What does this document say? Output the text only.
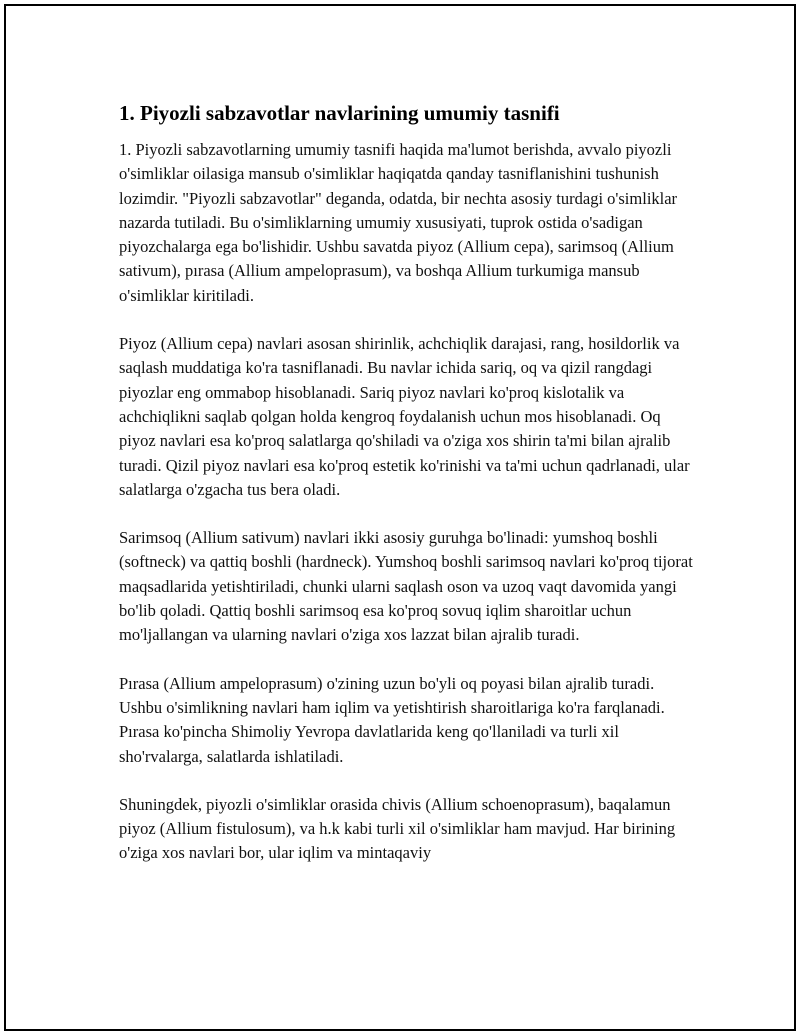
1. Piyozli sabzavotlar navlarining umumiy tasnifi

1. Piyozli sabzavotlarning umumiy tasnifi haqida ma'lumot berishda, avvalo piyozli o'simliklar oilasiga mansub o'simliklar haqiqatda qanday tasniflanishini tushunish lozimdir. "Piyozli sabzavotlar" deganda, odatda, bir nechta asosiy turdagi o'simliklar nazarda tutiladi. Bu o'simliklarning umumiy xususiyati, tuprok ostida o'sadigan piyozchalarga ega bo'lishidir. Ushbu savatda piyoz (Allium cepa), sarimsoq (Allium sativum), pırasa (Allium ampeloprasum), va boshqa Allium turkumiga mansub o'simliklar kiritiladi.

Piyoz (Allium cepa) navlari asosan shirinlik, achchiqlik darajasi, rang, hosildorlik va saqlash muddatiga ko'ra tasniflanadi. Bu navlar ichida sariq, oq va qizil rangdagi piyozlar eng ommabop hisoblanadi. Sariq piyoz navlari ko'proq kislotalik va achchiqlikni saqlab qolgan holda kengroq foydalanish uchun mos hisoblanadi. Oq piyoz navlari esa ko'proq salatlarga qo'shiladi va o'ziga xos shirin ta'mi bilan ajralib turadi. Qizil piyoz navlari esa ko'proq estetik ko'rinishi va ta'mi uchun qadrlanadi, ular salatlarga o'zgacha tus bera oladi.

Sarimsoq (Allium sativum) navlari ikki asosiy guruhga bo'linadi: yumshoq boshli (softneck) va qattiq boshli (hardneck). Yumshoq boshli sarimsoq navlari ko'proq tijorat maqsadlarida yetishtiriladi, chunki ularni saqlash oson va uzoq vaqt davomida yangi bo'lib qoladi. Qattiq boshli sarimsoq esa ko'proq sovuq iqlim sharoitlar uchun mo'ljallangan va ularning navlari o'ziga xos lazzat bilan ajralib turadi.

Pırasa (Allium ampeloprasum) o'zining uzun bo'yli oq poyasi bilan ajralib turadi. Ushbu o'simlikning navlari ham iqlim va yetishtirish sharoitlariga ko'ra farqlanadi. Pırasa ko'pincha Shimoliy Yevropa davlatlarida keng qo'llaniladi va turli xil sho'rvalarga, salatlarda ishlatiladi.

Shuningdek, piyozli o'simliklar orasida chivis (Allium schoenoprasum), baqalamun piyoz (Allium fistulosum), va h.k kabi turli xil o'simliklar ham mavjud. Har birining o'ziga xos navlari bor, ular iqlim va mintaqaviy
